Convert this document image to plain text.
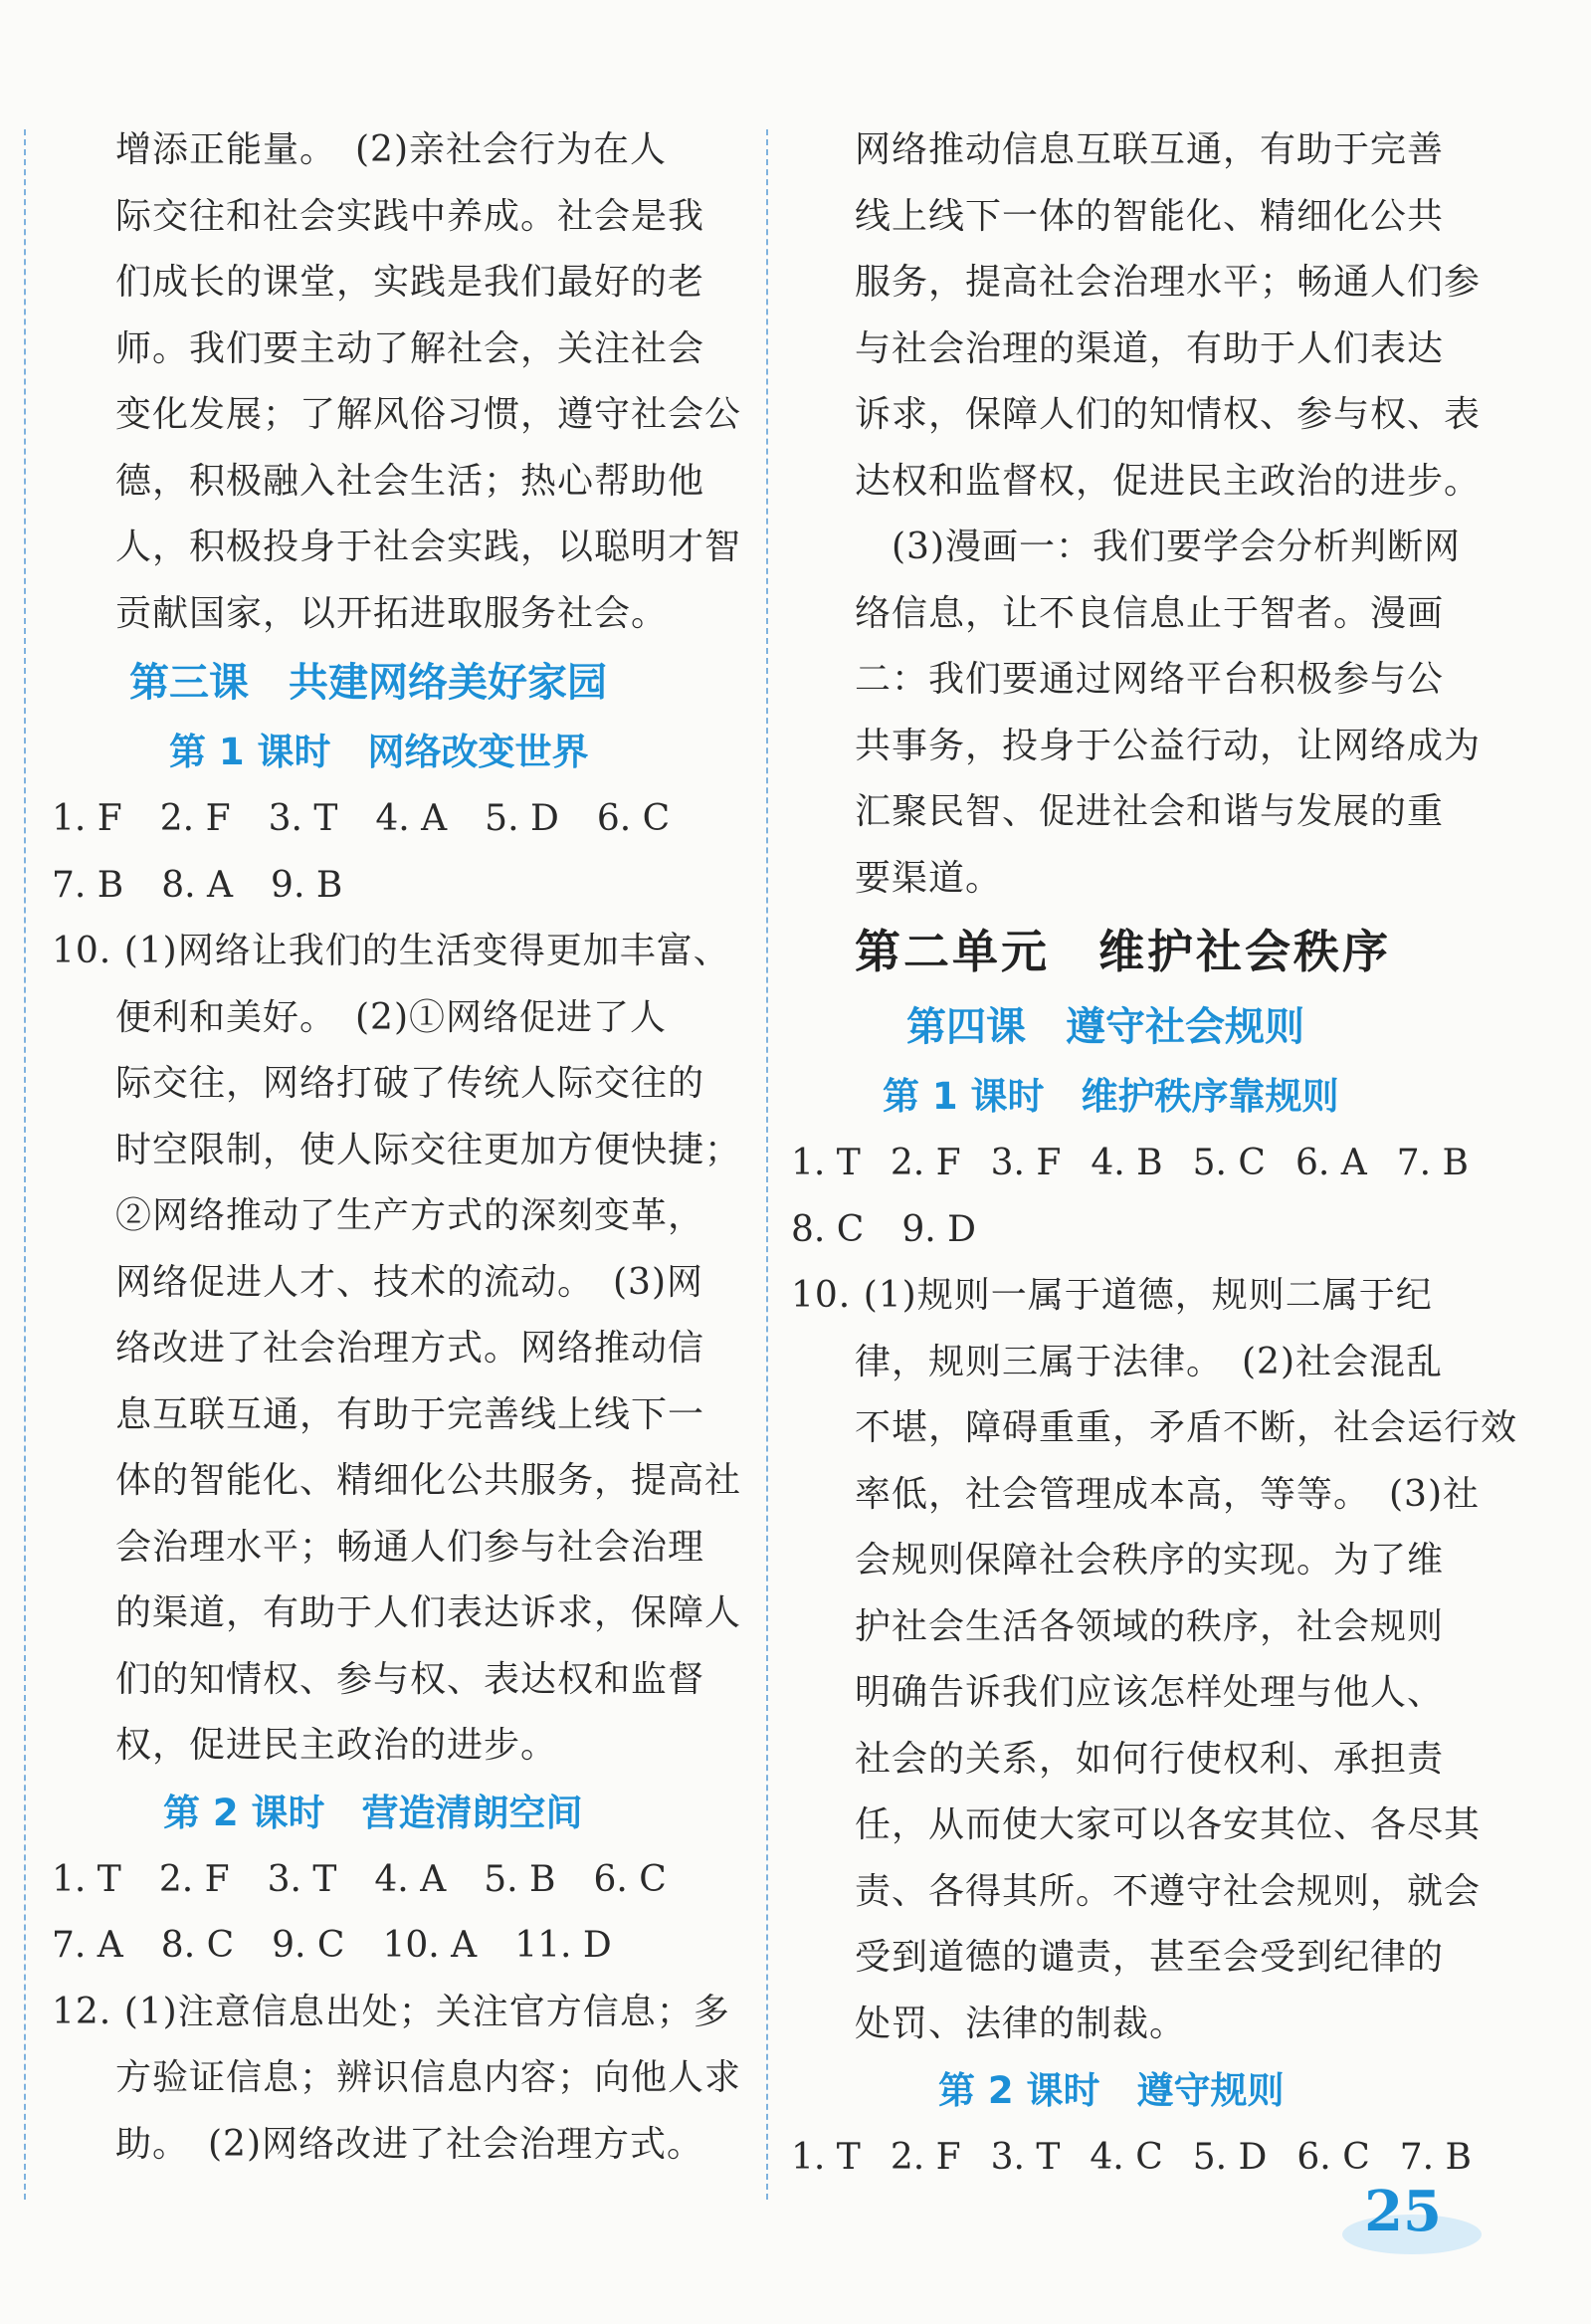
增添正能量。　(2)亲社会行为在人
际交往和社会实践中养成。社会是我
们成长的课堂，实践是我们最好的老
师。我们要主动了解社会，关注社会
变化发展；了解风俗习惯，遵守社会公
德，积极融入社会生活；热心帮助他
人，积极投身于社会实践，以聪明才智
贡献国家，以开拓进取服务社会。
第三课　共建网络美好家园
第 1 课时　网络改变世界
1. F 2. F 3. T 4. A 5. D 6. C
7. B 8. A 9. B
10. (1)网络让我们的生活变得更加丰富、
便利和美好。　(2)①网络促进了人
际交往，网络打破了传统人际交往的
时空限制，使人际交往更加方便快捷；
②网络推动了生产方式的深刻变革，
网络促进人才、技术的流动。　(3)网
络改进了社会治理方式。网络推动信
息互联互通，有助于完善线上线下一
体的智能化、精细化公共服务，提高社
会治理水平；畅通人们参与社会治理
的渠道，有助于人们表达诉求，保障人
们的知情权、参与权、表达权和监督
权，促进民主政治的进步。
第 2 课时　营造清朗空间
1. T 2. F 3. T 4. A 5. B 6. C
7. A 8. C 9. C 10. A 11. D
12. (1)注意信息出处；关注官方信息；多
方验证信息；辨识信息内容；向他人求
助。　(2)网络改进了社会治理方式。
网络推动信息互联互通，有助于完善
线上线下一体的智能化、精细化公共
服务，提高社会治理水平；畅通人们参
与社会治理的渠道，有助于人们表达
诉求，保障人们的知情权、参与权、表
达权和监督权，促进民主政治的进步。
　(3)漫画一：我们要学会分析判断网
络信息，让不良信息止于智者。漫画
二：我们要通过网络平台积极参与公
共事务，投身于公益行动，让网络成为
汇聚民智、促进社会和谐与发展的重
要渠道。
第二单元　维护社会秩序
第四课　遵守社会规则
第 1 课时　维护秩序靠规则
1. T 2. F 3. F 4. B 5. C 6. A 7. B
8. C 9. D
10. (1)规则一属于道德，规则二属于纪
律，规则三属于法律。　(2)社会混乱
不堪，障碍重重，矛盾不断，社会运行效
率低，社会管理成本高，等等。　(3)社
会规则保障社会秩序的实现。为了维
护社会生活各领域的秩序，社会规则
明确告诉我们应该怎样处理与他人、
社会的关系，如何行使权利、承担责
任，从而使大家可以各安其位、各尽其
责、各得其所。不遵守社会规则，就会
受到道德的谴责，甚至会受到纪律的
处罚、法律的制裁。
第 2 课时　遵守规则
1. T 2. F 3. T 4. C 5. D 6. C 7. B
25
